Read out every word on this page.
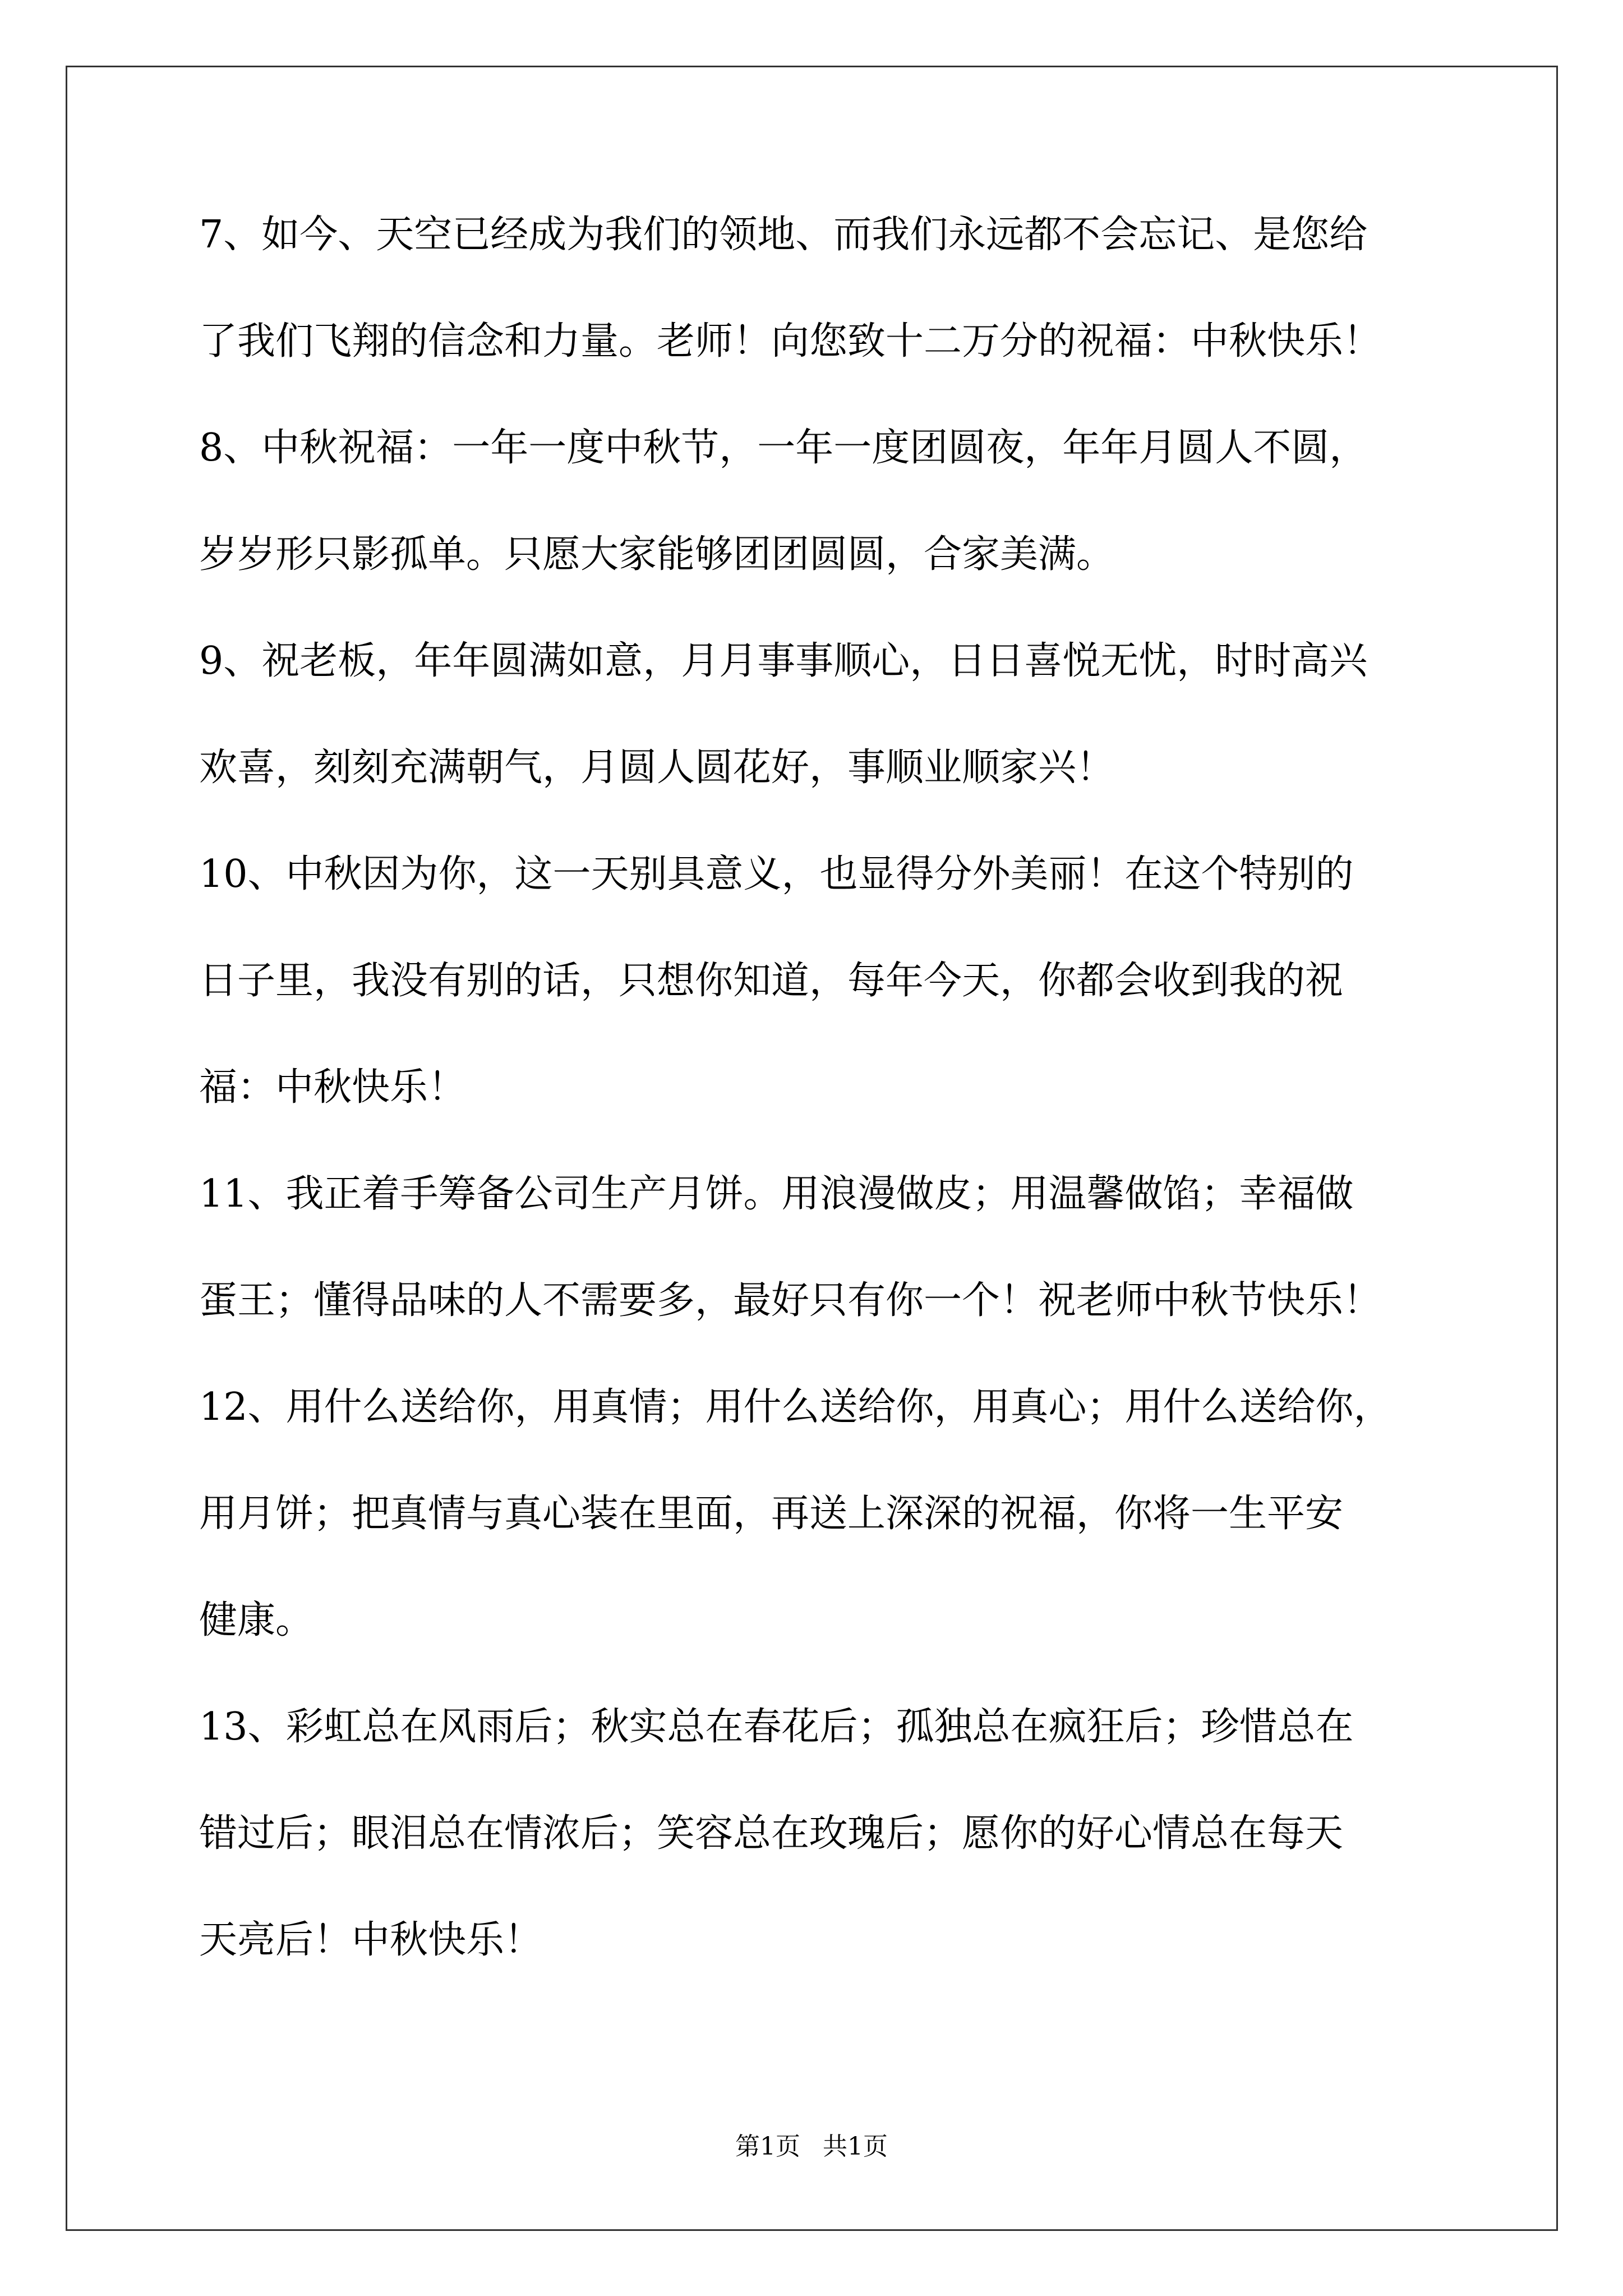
7、如今、天空已经成为我们的领地、而我们永远都不会忘记、是您给
了我们飞翔的信念和力量。老师！向您致十二万分的祝福：中秋快乐！
8、中秋祝福：一年一度中秋节，一年一度团圆夜，年年月圆人不圆，
岁岁形只影孤单。只愿大家能够团团圆圆，合家美满。
9、祝老板，年年圆满如意，月月事事顺心，日日喜悦无忧，时时高兴
欢喜，刻刻充满朝气，月圆人圆花好，事顺业顺家兴！
10、中秋因为你，这一天别具意义，也显得分外美丽！在这个特别的
日子里，我没有别的话，只想你知道，每年今天，你都会收到我的祝
福：中秋快乐！
11、我正着手筹备公司生产月饼。用浪漫做皮；用温馨做馅；幸福做
蛋王；懂得品味的人不需要多，最好只有你一个！祝老师中秋节快乐！
12、用什么送给你，用真情；用什么送给你，用真心；用什么送给你，
用月饼；把真情与真心装在里面，再送上深深的祝福，你将一生平安
健康。
13、彩虹总在风雨后；秋实总在春花后；孤独总在疯狂后；珍惜总在
错过后；眼泪总在情浓后；笑容总在玫瑰后；愿你的好心情总在每天
天亮后！中秋快乐！
第1页 共1页
